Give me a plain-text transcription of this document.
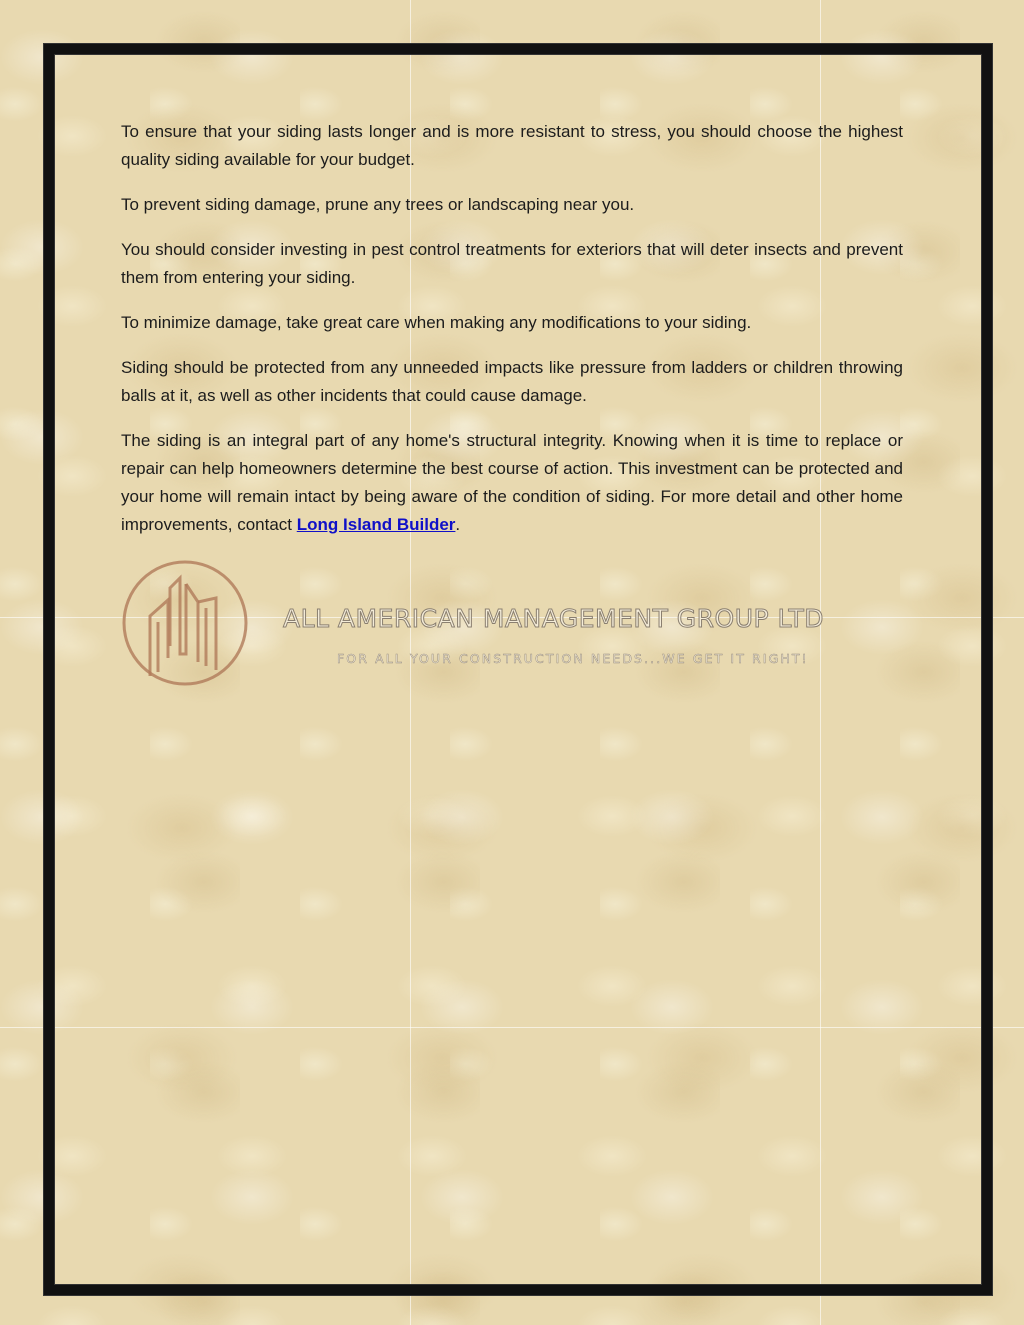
To ensure that your siding lasts longer and is more resistant to stress, you should choose the highest quality siding available for your budget.

To prevent siding damage, prune any trees or landscaping near you.

You should consider investing in pest control treatments for exteriors that will deter insects and prevent them from entering your siding.

To minimize damage, take great care when making any modifications to your siding.

Siding should be protected from any unneeded impacts like pressure from ladders or children throwing balls at it, as well as other incidents that could cause damage.

The siding is an integral part of any home's structural integrity. Knowing when it is time to replace or repair can help homeowners determine the best course of action. This investment can be protected and your home will remain intact by being aware of the condition of siding. For more detail and other home improvements, contact Long Island Builder.

ALL AMERICAN MANAGEMENT GROUP LTD
FOR ALL YOUR CONSTRUCTION NEEDS...WE GET IT RIGHT!
